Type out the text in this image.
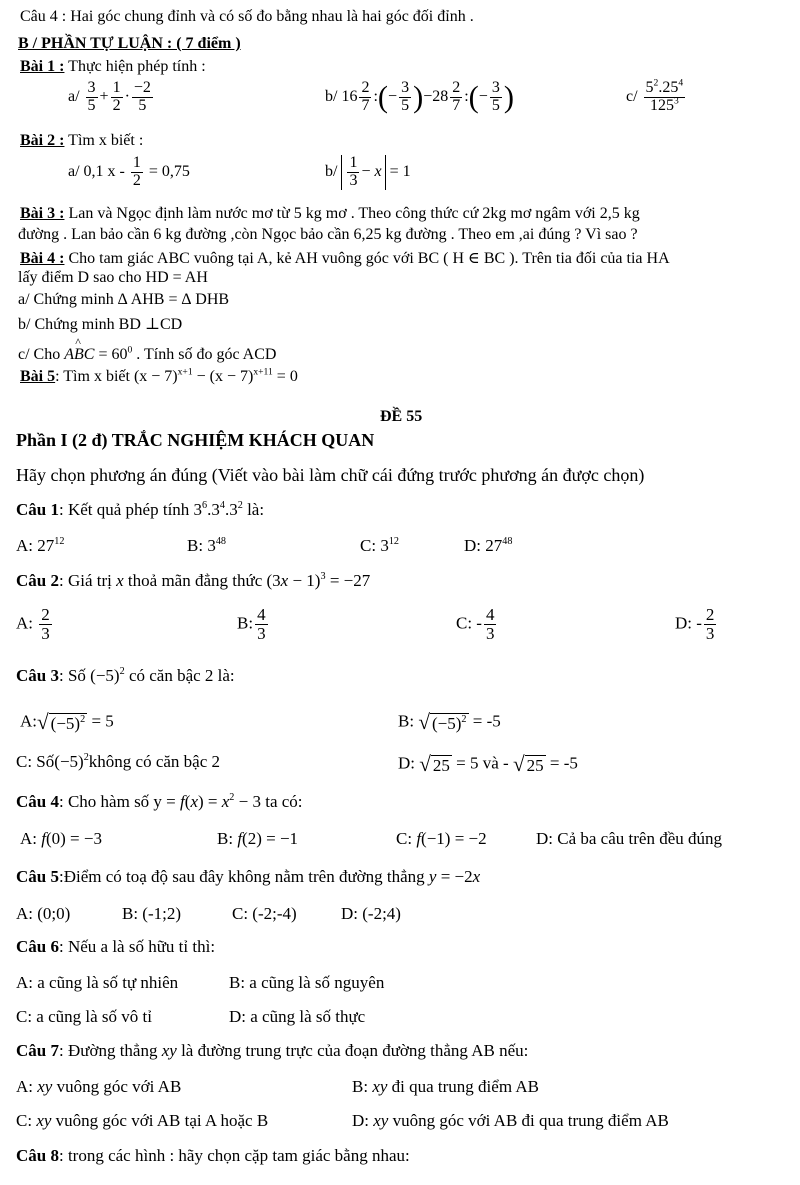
Câu 4 : Hai góc chung đỉnh và có số đo bằng nhau là hai góc đối đỉnh .
B / PHẦN TỰ LUẬN : ( 7 điểm )
Bài 1 : Thực hiện phép tính :
$a/ \frac{3}{5} + \frac{1}{2} \cdot \frac{-2}{5}$	b/ $16 \frac{2}{7}$ :(− $\frac{3}{5} )-28 \frac{2}{7}$ :(− $\frac{3}{5}$ )	$c/ \frac{5^2.25^4}{125^3}$
Bài 2 : Tìm x biết :
a/ 0,1 $x - \frac{1}{2} = 0,75$	$b/ \frac{1}{3} - x = 1$
Bài 3 : Lan và Ngọc định làm nước mơ từ 5 kg mơ . Theo công thức cứ 2kg mơ ngâm với 2,5 kg
đường . Lan bảo cần 6 kg đường ,còn Ngọc bảo cần 6,25 kg đường . Theo em ,ai đúng ? Vì sao ?
Bài 4 : Cho tam giác ABC vuông tại A, kẻ AH vuông góc với BC ( H ∈ BC ). Trên tia đối của tia HA
lấy điểm D sao cho HD = AH
a/ Chứng minh ∆ AHB = ∆ DHB
b/ Chứng minh BD ⊥CD
c/ Cho A^ BC = $60^0$ . Tính số đo góc ACD
Bài 5: Tìm x biết $(x - 7)^{x+1} - (x - 7)^{x+11} = 0$
ĐỀ 55
Phần I (2 đ) TRẮC NGHIỆM KHÁCH QUAN
Hãy chọn phương án đúng (Viết vào bài làm chữ cái đứng trước phương án được chọn)
Câu 1: Kết quả phép tính $3^6.3^4.3^2$ là:
A: $27^{12}$	B: $3^{48}$	C: $3^{12}$	D: $27^{48}$
Câu 2: Giá trị x thoả mãn đẳng thức $(3x - 1)^3 = -27$
A: $\frac{2}{3}$	B: $\frac{4}{3}$	C: - $\frac{4}{3}$	D: - $\frac{2}{3}$
Câu 3: Số $(-5)^2$ có căn bậc 2 là:
A:√ $(-5)^2 = 5$	B: √ $(-5)^2 = -5$
C: $Số(-5)^2không$ có căn bậc 2	D: √ 25 = 5 và - √ 25 = -5
Câu 4: Cho hàm số $y = f(x) = x^2 - 3$ ta có:
A: f(0) = −3	B: f(2) = −1	C: f(−1) = −2	D: Cả ba câu trên đều đúng
Câu 5:Điểm có toạ độ sau đây không nằm trên đường thẳng y = −2x
A: (0;0)	B: (-1;2)	C: (-2;-4)	D: (-2;4)
Câu 6: Nếu a là số hữu tỉ thì:
A: a cũng là số tự nhiên	B: a cũng là số nguyên
C: a cũng là số vô tỉ	D: a cũng là số thực
Câu 7: Đường thẳng xy là đường trung trực của đoạn đường thẳng AB nếu:
A: xy vuông góc với AB	B: xy đi qua trung điểm AB
C: xy vuông góc với AB tại A hoặc B	D: xy vuông góc với AB đi qua trung điểm AB
Câu 8: trong các hình : hãy chọn cặp tam giác bằng nhau:
